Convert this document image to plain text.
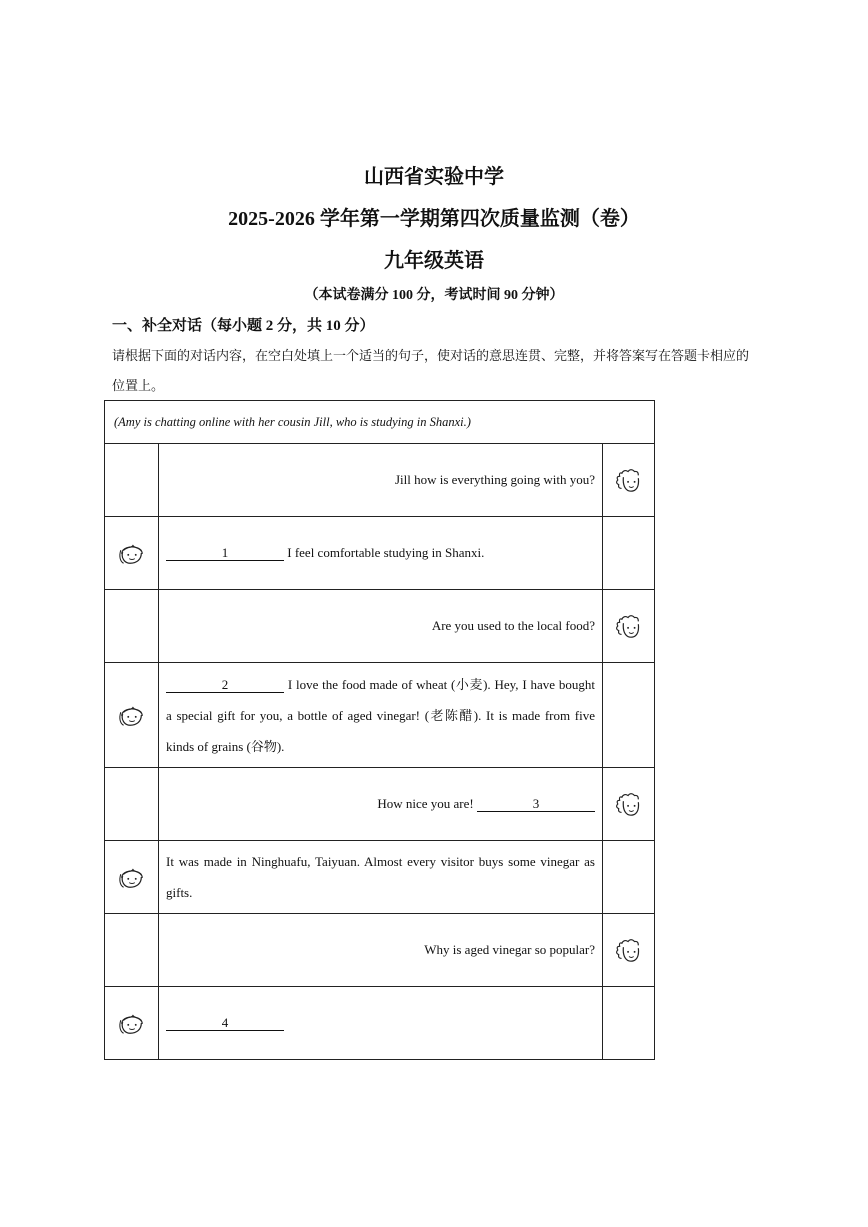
山西省实验中学
2025-2026 学年第一学期第四次质量监测（卷）
九年级英语
（本试卷满分 100 分，考试时间 90 分钟）
一、补全对话（每小题 2 分，共 10 分）
请根据下面的对话内容，在空白处填上一个适当的句子，使对话的意思连贯、完整，并将答案写在答题卡相应的位置上。
(Amy is chatting online with her cousin Jill, who is studying in Shanxi.)		
	Jill how is everything going with you?	

	1 I feel comfortable studying in Shanxi.	
	Are you used to the local food?	

	2 I love the food made of wheat (小麦). Hey, I have bought a special gift for you, a bottle of aged vinegar! (老陈醋). It is made from five kinds of grains (谷物).	
	How nice you are! 3	

	It was made in Ninghuafu, Taiyuan. Almost every visitor buys some vinegar as gifts.	
	Why is aged vinegar so popular?	

	4	
